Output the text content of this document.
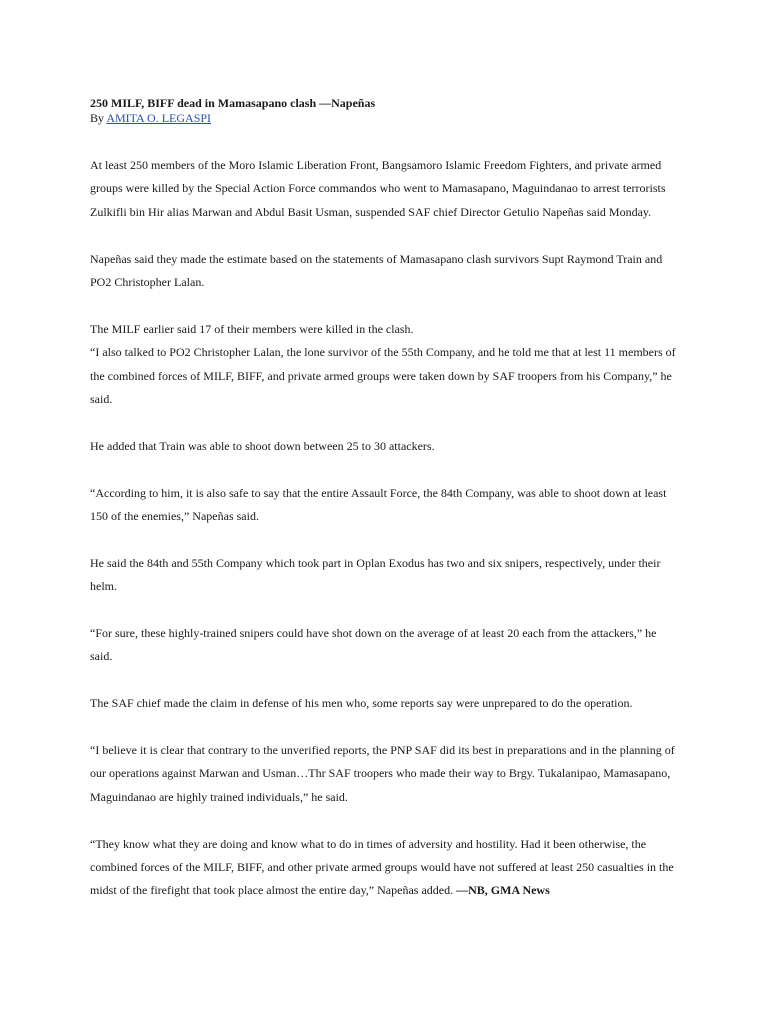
250 MILF, BIFF dead in Mamasapano clash —Napeñas

By AMITA O. LEGASPI

At least 250 members of the Moro Islamic Liberation Front, Bangsamoro Islamic Freedom Fighters, and private armed groups were killed by the Special Action Force commandos who went to Mamasapano, Maguindanao to arrest terrorists Zulkifli bin Hir alias Marwan and Abdul Basit Usman, suspended SAF chief Director Getulio Napeñas said Monday.

Napeñas said they made the estimate based on the statements of Mamasapano clash survivors Supt Raymond Train and PO2 Christopher Lalan.

The MILF earlier said 17 of their members were killed in the clash.

“I also talked to PO2 Christopher Lalan, the lone survivor of the 55th Company, and he told me that at lest 11 members of the combined forces of MILF, BIFF, and private armed groups were taken down by SAF troopers from his Company,” he said.

He added that Train was able to shoot down between 25 to 30 attackers.

“According to him, it is also safe to say that the entire Assault Force, the 84th Company, was able to shoot down at least 150 of the enemies,” Napeñas said.

He said the 84th and 55th Company which took part in Oplan Exodus has two and six snipers, respectively, under their helm.

“For sure, these highly-trained snipers could have shot down on the average of at least 20 each from the attackers,” he said.

The SAF chief made the claim in defense of his men who, some reports say were unprepared to do the operation.

“I believe it is clear that contrary to the unverified reports, the PNP SAF did its best in preparations and in the planning of our operations against Marwan and Usman…Thr SAF troopers who made their way to Brgy. Tukalanipao, Mamasapano, Maguindanao are highly trained individuals,” he said.

“They know what they are doing and know what to do in times of adversity and hostility. Had it been otherwise, the combined forces of the MILF, BIFF, and other private armed groups would have not suffered at least 250 casualties in the midst of the firefight that took place almost the entire day,” Napeñas added. —NB, GMA News
